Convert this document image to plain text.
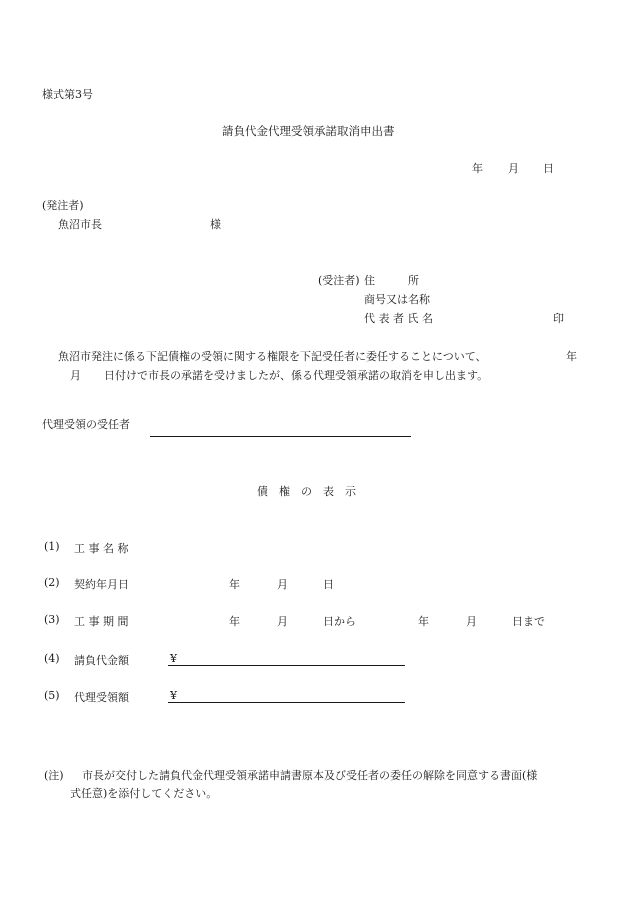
様式第3号
請負代金代理受領承諾取消申出書
年 月 日
(発注者)
魚沼市長	様
(受注者) 住　　　所
商号又は名称
代 表 者 氏 名	印
魚沼市発注に係る下記債権の受領に関する権限を下記受任者に委任することについて、	年
月 日付けで市長の承諾を受けましたが、係る代理受領承諾の取消を申し出ます。
代理受領の受任者
債　権　の　表　示
(1) 工 事 名 称
(2) 契約年月日	年	月	日
(3) 工 事 期 間	年	月	日から	年	月	日まで
(4) 請負代金額	¥
(5) 代理受領額	¥
(注) 市長が交付した請負代金代理受領承諾申請書原本及び受任者の委任の解除を同意する書面(様
式任意)を添付してください。
